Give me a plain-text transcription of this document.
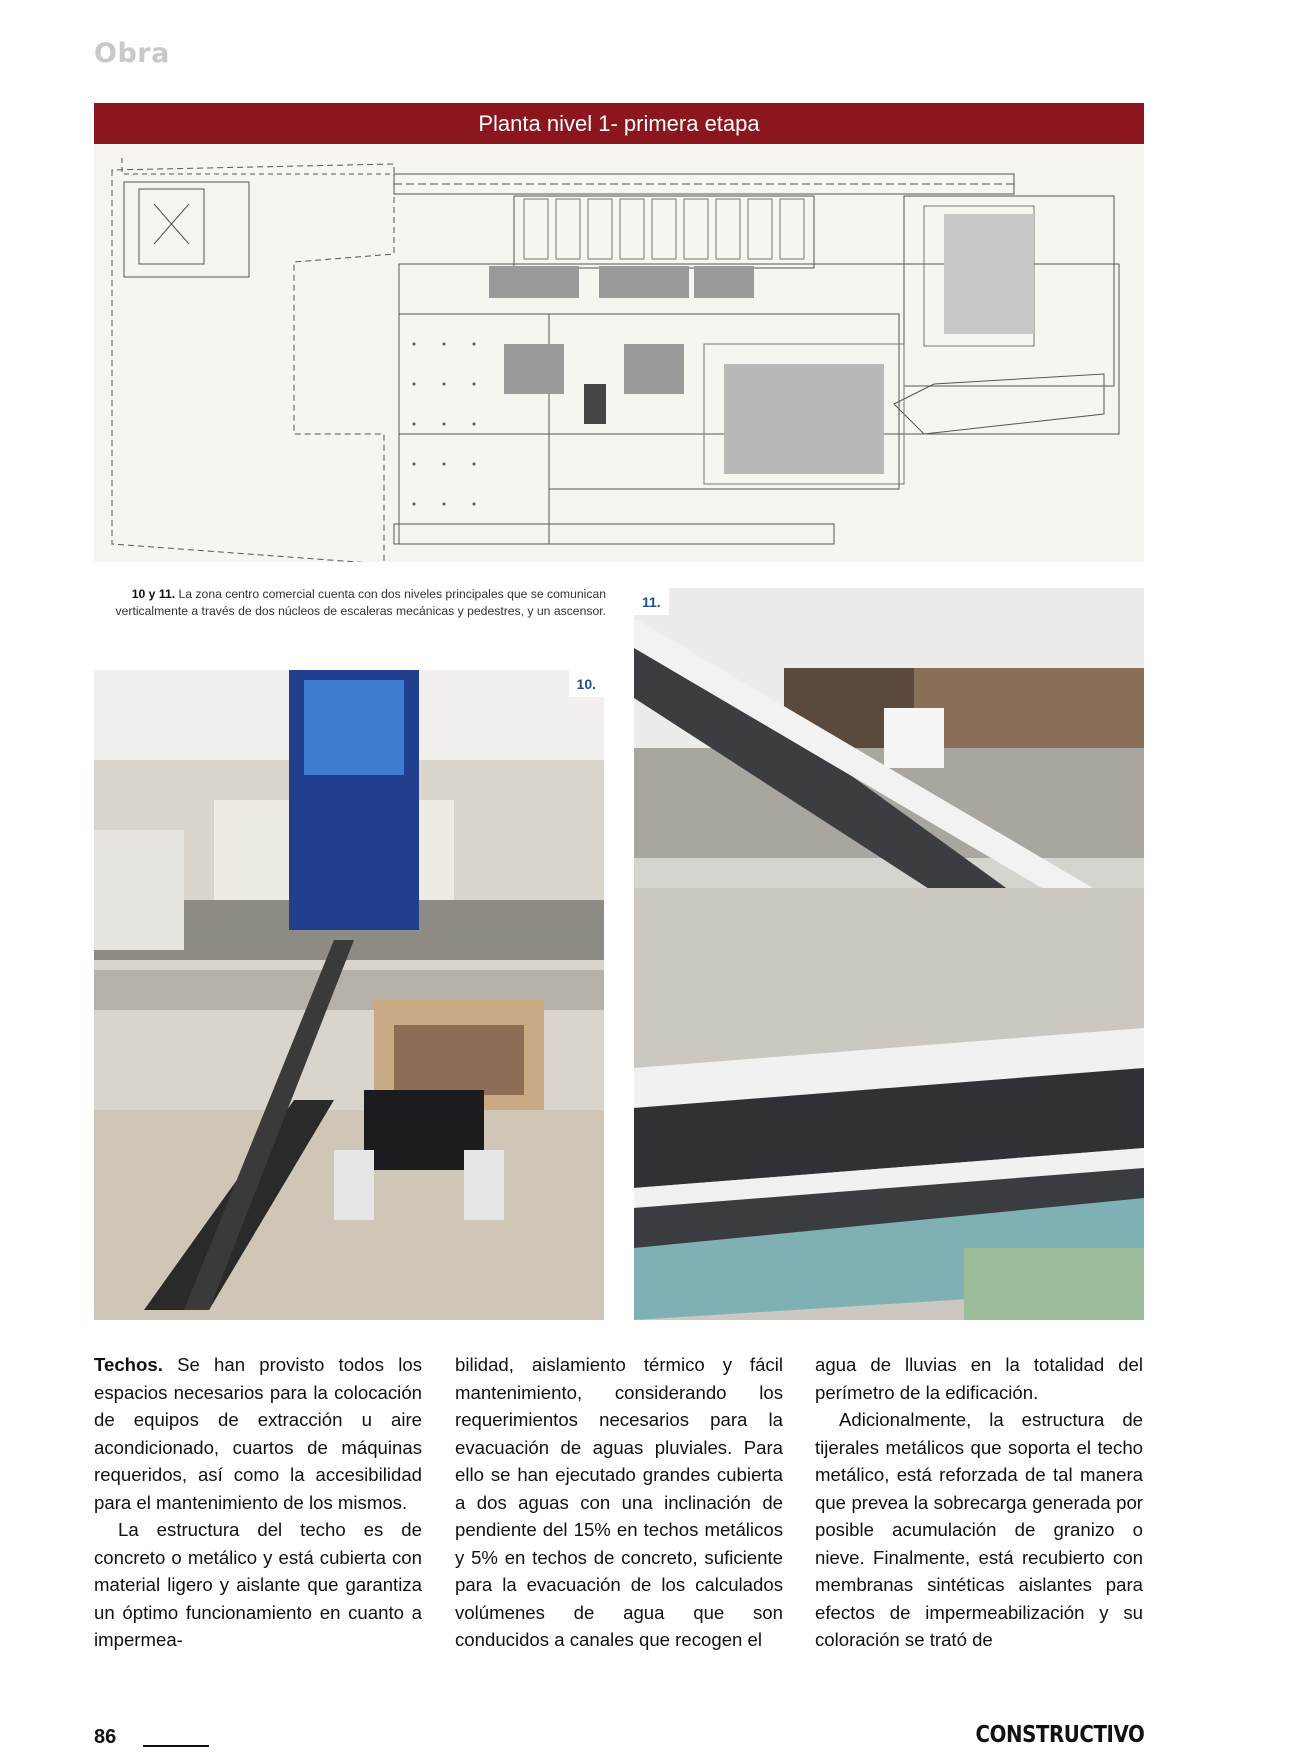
Obra
Planta nivel 1- primera etapa
10 y 11. La zona centro comercial cuenta con dos niveles principales que se comunican verticalmente a través de dos núcleos de escaleras mecánicas y pedestres, y un ascensor.
10.
11.

Techos. Se han provisto todos los espacios necesarios para la colocación de equipos de extracción u aire acondicionado, cuartos de máquinas requeridos, así como la accesibilidad para el mantenimiento de los mismos.

La estructura del techo es de concreto o metálico y está cubierta con material ligero y aislante que garantiza un óptimo funcionamiento en cuanto a impermea-

bilidad, aislamiento térmico y fácil mantenimiento, considerando los requerimientos necesarios para la evacuación de aguas pluviales. Para ello se han ejecutado grandes cubierta a dos aguas con una inclinación de pendiente del 15% en techos metálicos y 5% en techos de concreto, suficiente para la evacuación de los calculados volúmenes de agua que son conducidos a canales que recogen el

agua de lluvias en la totalidad del perímetro de la edificación.

Adicionalmente, la estructura de tijerales metálicos que soporta el techo metálico, está reforzada de tal manera que prevea la sobrecarga generada por posible acumulación de granizo o nieve. Finalmente, está recubierto con membranas sintéticas aislantes para efectos de impermeabilización y su coloración se trató de

86	CONSTRUCTIVO
